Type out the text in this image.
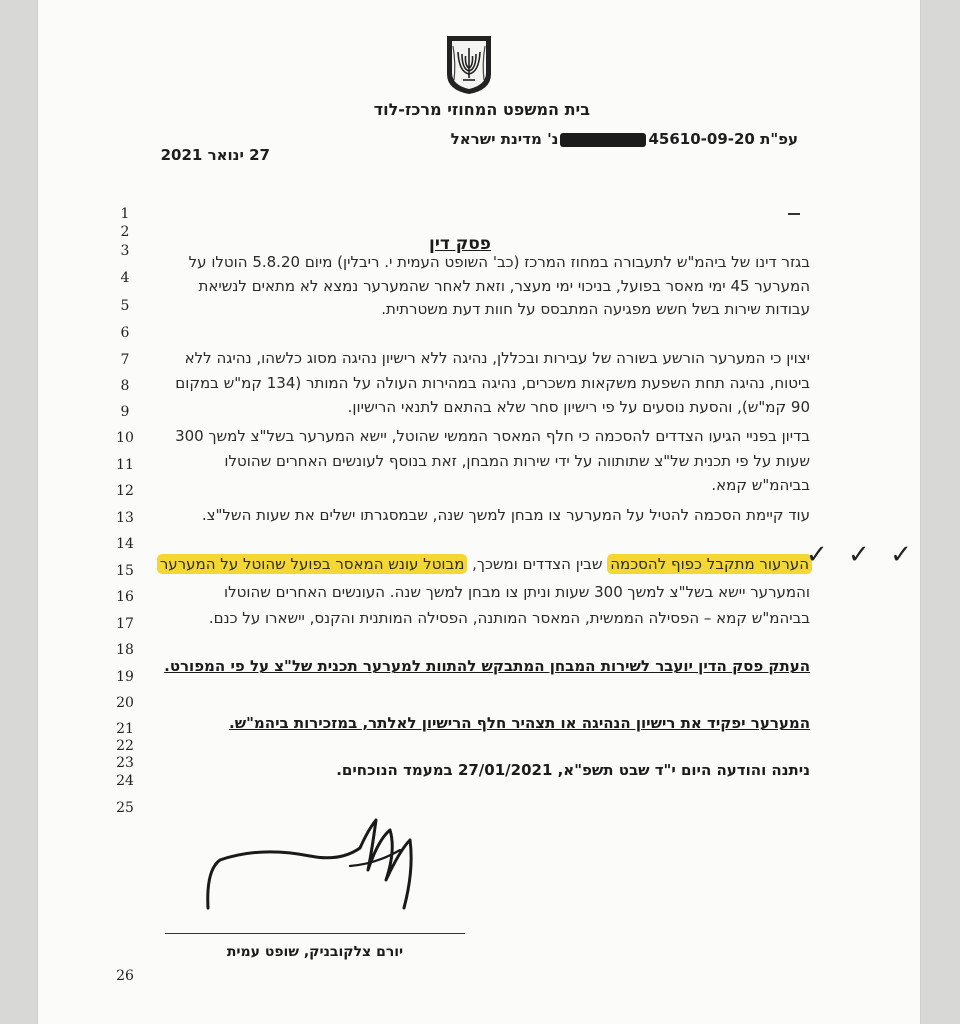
בית המשפט המחוזי מרכז-לוד
עפ"ת 45610-09-20נ' מדינת ישראל
27 ינואר 2021
1
2
3
4
5
6
7
8
9
10
11
12
13
14
15
16
17
18
19
20
21
22
23
24
25
26
פסק דין
בגזר דינו של ביהמ"ש לתעבורה במחוז המרכז (כב' השופט העמית י. ריבלין) מיום 5.8.20 הוטלו על
המערער 45 ימי מאסר בפועל, בניכוי ימי מעצר, וזאת לאחר שהמערער נמצא לא מתאים לנשיאת
עבודות שירות בשל חשש מפגיעה המתבסס על חוות דעת משטרתית.
יצוין כי המערער הורשע בשורה של עבירות ובכללן, נהיגה ללא רישיון נהיגה מסוג כלשהו, נהיגה ללא
ביטוח, נהיגה תחת השפעת משקאות משכרים, נהיגה במהירות העולה על המותר (134 קמ"ש במקום
90 קמ"ש), והסעת נוסעים על פי רישיון סחר שלא בהתאם לתנאי הרישיון.
בדיון בפניי הגיעו הצדדים להסכמה כי חלף המאסר הממשי שהוטל, יישא המערער בשל"צ למשך 300
שעות על פי תכנית של"צ שתותווה על ידי שירות המבחן, זאת בנוסף לעונשים האחרים שהוטלו
בביהמ"ש קמא.
עוד קיימת הסכמה להטיל על המערער צו מבחן למשך שנה, שבמסגרתו ישלים את שעות השל"צ.
הערעור מתקבל כפוף להסכמה שבין הצדדים ומשכך, מבוטל עונש המאסר בפועל שהוטל על המערער
והמערער יישא בשל"צ למשך 300 שעות וניתן צו מבחן למשך שנה. העונשים האחרים שהוטלו
בביהמ"ש קמא – הפסילה הממשית, המאסר המותנה, הפסילה המותנית והקנס, יישארו על כנם.
העתק פסק הדין יועבר לשירות המבחן המתבקש להתוות למערער תכנית של"צ על פי המפורט.
המערער יפקיד את רישיון הנהיגה או תצהיר חלף הרישיון לאלתר, במזכירות ביהמ"ש.
ניתנה והודעה היום י"ד שבט תשפ"א, 27/01/2021 במעמד הנוכחים.
✓ ✓ ✓
יורם צלקובניק, שופט עמית
